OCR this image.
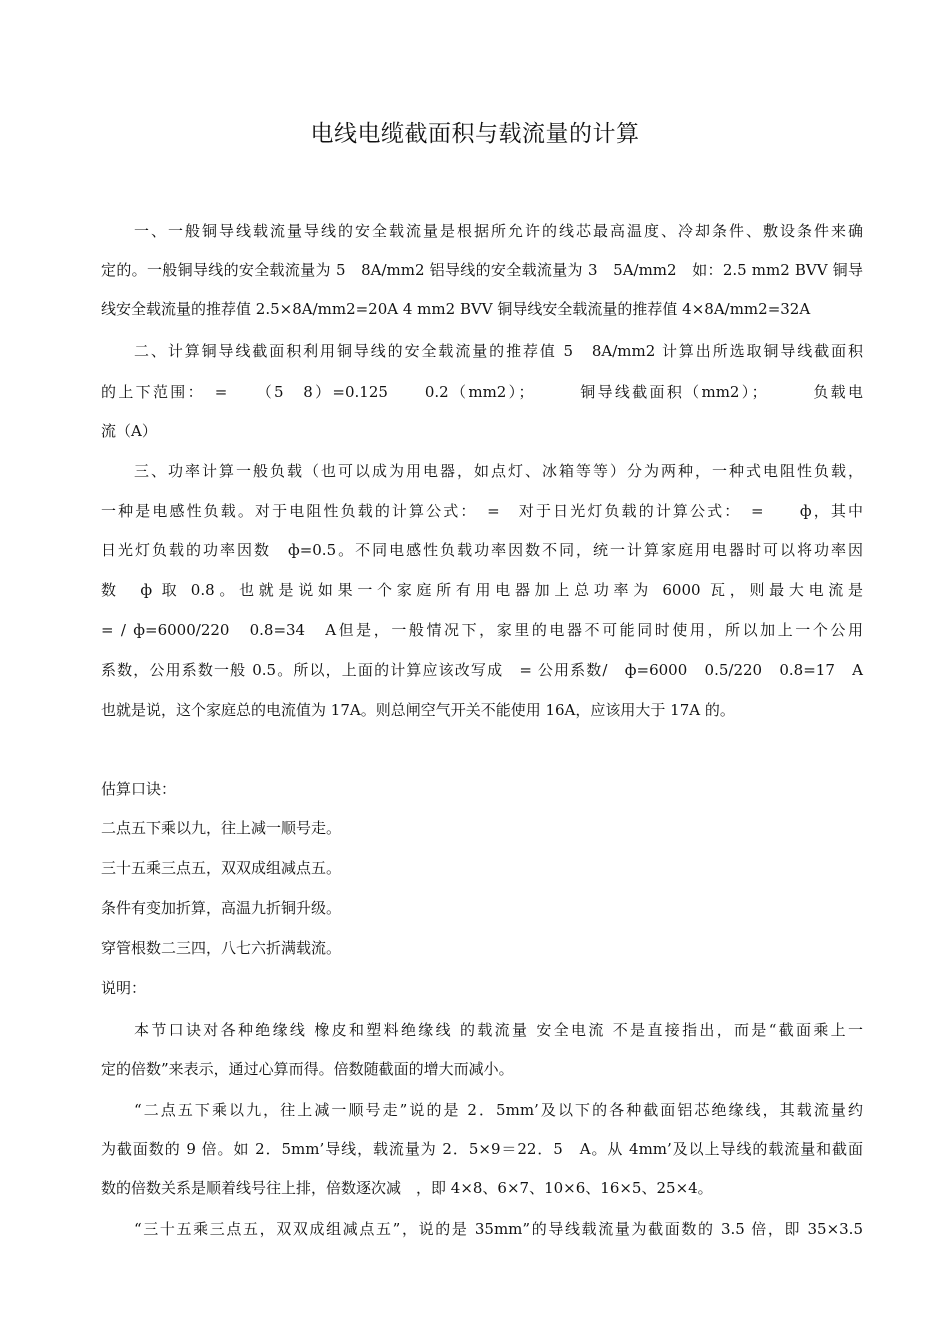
电线电缆截面积与载流量的计算
一、一般铜导线载流量导线的安全载流量是根据所允许的线芯最高温度、冷却条件、敷设条件来确
定的。一般铜导线的安全载流量为 5　8A/mm2 铝导线的安全载流量为 3　5A/mm2　如：2.5 mm2 BVV 铜导
线安全载流量的推荐值 2.5×8A/mm2=20A 4 mm2 BVV 铜导线安全载流量的推荐值 4×8A/mm2=32A
二、计算铜导线截面积利用铜导线的安全载流量的推荐值 5　8A/mm2 计算出所选取铜导线截面积
的上下范围：　=　　（5　8）=0.125　　0.2（mm2）；　　　铜导线截面积（mm2）；　　　负载电
流（A）
三、功率计算一般负载（也可以成为用电器，如点灯、冰箱等等）分为两种，一种式电阻性负载，
一种是电感性负载。对于电阻性负载的计算公式：　=　对于日光灯负载的计算公式：　=　　ф，其中
日光灯负载的功率因数　ф=0.5。不同电感性负载功率因数不同，统一计算家庭用电器时可以将功率因
数　ф 取 0.8。也就是说如果一个家庭所有用电器加上总功率为 6000 瓦，则最大电流是
= / ф=6000/220　0.8=34　A但是，一般情况下，家里的电器不可能同时使用，所以加上一个公用
系数，公用系数一般 0.5。所以，上面的计算应该改写成　= 公用系数/　ф=6000　0.5/220　0.8=17　A
也就是说，这个家庭总的电流值为 17A。则总闸空气开关不能使用 16A，应该用大于 17A 的。
估算口诀：
二点五下乘以九，往上减一顺号走。
三十五乘三点五，双双成组减点五。
条件有变加折算，高温九折铜升级。
穿管根数二三四，八七六折满载流。
说明：
本节口诀对各种绝缘线 橡皮和塑料绝缘线 的载流量 安全电流 不是直接指出，而是“截面乘上一
定的倍数”来表示，通过心算而得。倍数随截面的增大而减小。
“二点五下乘以九，往上减一顺号走”说的是 2．5mm’及以下的各种截面铝芯绝缘线，其载流量约
为截面数的 9 倍。如 2．5mm’导线，载流量为 2．5×9＝22．5　A。从 4mm’及以上导线的载流量和截面
数的倍数关系是顺着线号往上排，倍数逐次减　，即 4×8、6×7、10×6、16×5、25×4。
“三十五乘三点五，双双成组减点五”，说的是 35mm”的导线载流量为截面数的 3.5 倍，即 35×3.5
